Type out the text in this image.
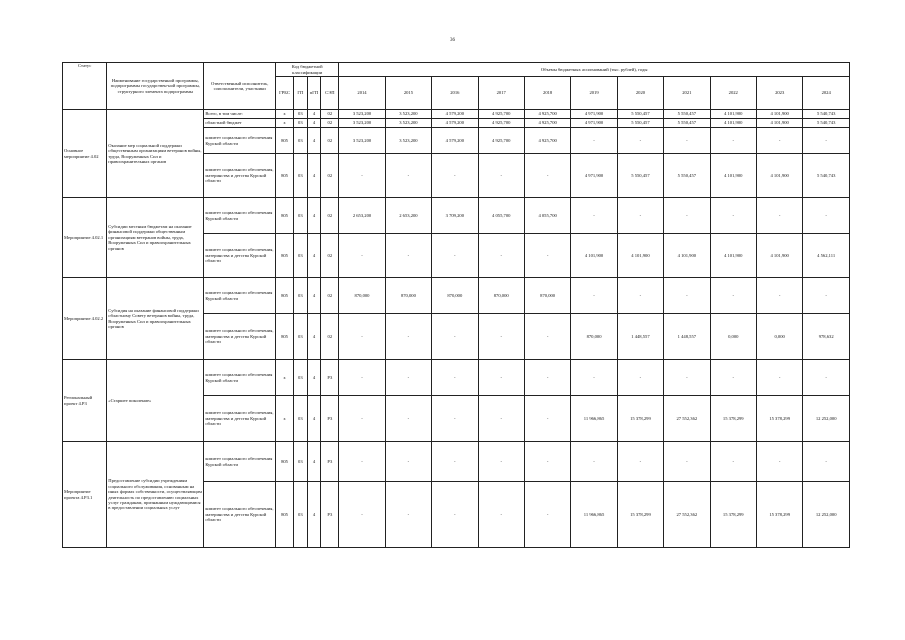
36
Статус	Наименование государственной программы, подпрограммы государствен-ной программы, структурного элемента подпрограммы	Ответственный исполнитель, соисполнители, участники	Код бюджетной классификации				Объемы бюджетных ассигнований (тыс. рублей), годы										
			ГРБС	ГП	пГП	СЭП	2014	2015	2016	2017	2018	2019	2020	2021	2022	2023	2024
Основное мероприятие 4.02	Оказание мер социальной поддержки общественным организациям ветеранов войны, труда, Вооруженных Сил и правоохранительных органов	Всего, в том числе:	х	03	4	02	3 523,200	3 523,200	4 579,200	4 925,700	4 925,700	4 971,900	5 550,457	5 550,457	4 101,900	4 101,900	5 540,743
		областной бюджет	х	03	4	02	3 523,200	3 523,200	4 579,200	4 925,700	4 925,700	4 971,900	5 550,457	5 550,457	4 101,900	4 101,900	5 540,743
		комитет социального обеспечения Курской области	805	03	4	02	3 523,200	3 523,200	4 579,200	4 925,700	4 925,700	-	-	-	-	-	-
		комитет социального обеспечения, материнства и детства Курской области	805	03	4	02	-	-	-	-	-	4 971,900	5 550,457	5 550,457	4 101,900	4 101,900	5 540,743
Мероприятие 4.02.1	Субсидии местным бюджетам на оказание финансовой поддержки общественным организациям ветеранов войны, труда, Вооруженных Сил и правоохранительных органов	комитет социального обеспечения Курской области	805	03	4	02	2 653,200	2 653,200	3 709,200	4 055,700	4 055,700	-	-	-	-	-	-
		комитет социального обеспечения, материнства и детства Курской области	805	03	4	02	-	-	-	-	-	4 101,900	4 101,900	4 101,900	4 101,900	4 101,900	4 562,111
Мероприятие 4.02.2	Субсидия на оказание финансовой поддержки областному Совету ветеранов войны, труда, Вооруженных Сил и правоохранительных органов	комитет социального обеспечения Курской области	805	03	4	02	870,000	870,000	870,000	870,000	870,000	-	-	-	-	-	-
		комитет социального обеспечения, материнства и детства Курской области	805	03	4	02	-	-	-	-	-	870,000	1 448,557	1 448,557	0,000	0,000	978,632
Региональный проект 4.P3	«Старшее поколение»	комитет социального обеспечения Курской области	х	03	4	P3	-	-	-	-	-	-	-	-	-	-	-
		комитет социального обеспечения, материнства и детства Курской области	х	03	4	P3	-	-	-	-	-	11 966,865	15 378,299	27 552,362	15 378,299	15 378,299	12 252,000
Мероприятие проекта 4.P3.1	Предоставление субсидии учреждениям социального обслуживания, основанным на иных формах собственности, осуществляющим деятельность по предоставлению социальных услуг гражданам, признанным нуждающимися в предоставлении социальных услуг	комитет социального обеспечения Курской области	805	03	4	P3	-	-	-	-	-	-	-	-	-	-	-
		комитет социального обеспечения, материнства и детства Курской области	805	03	4	P3	-	-	-	-	-	11 966,865	15 378,299	27 552,362	15 378,299	15 378,299	12 252,000
